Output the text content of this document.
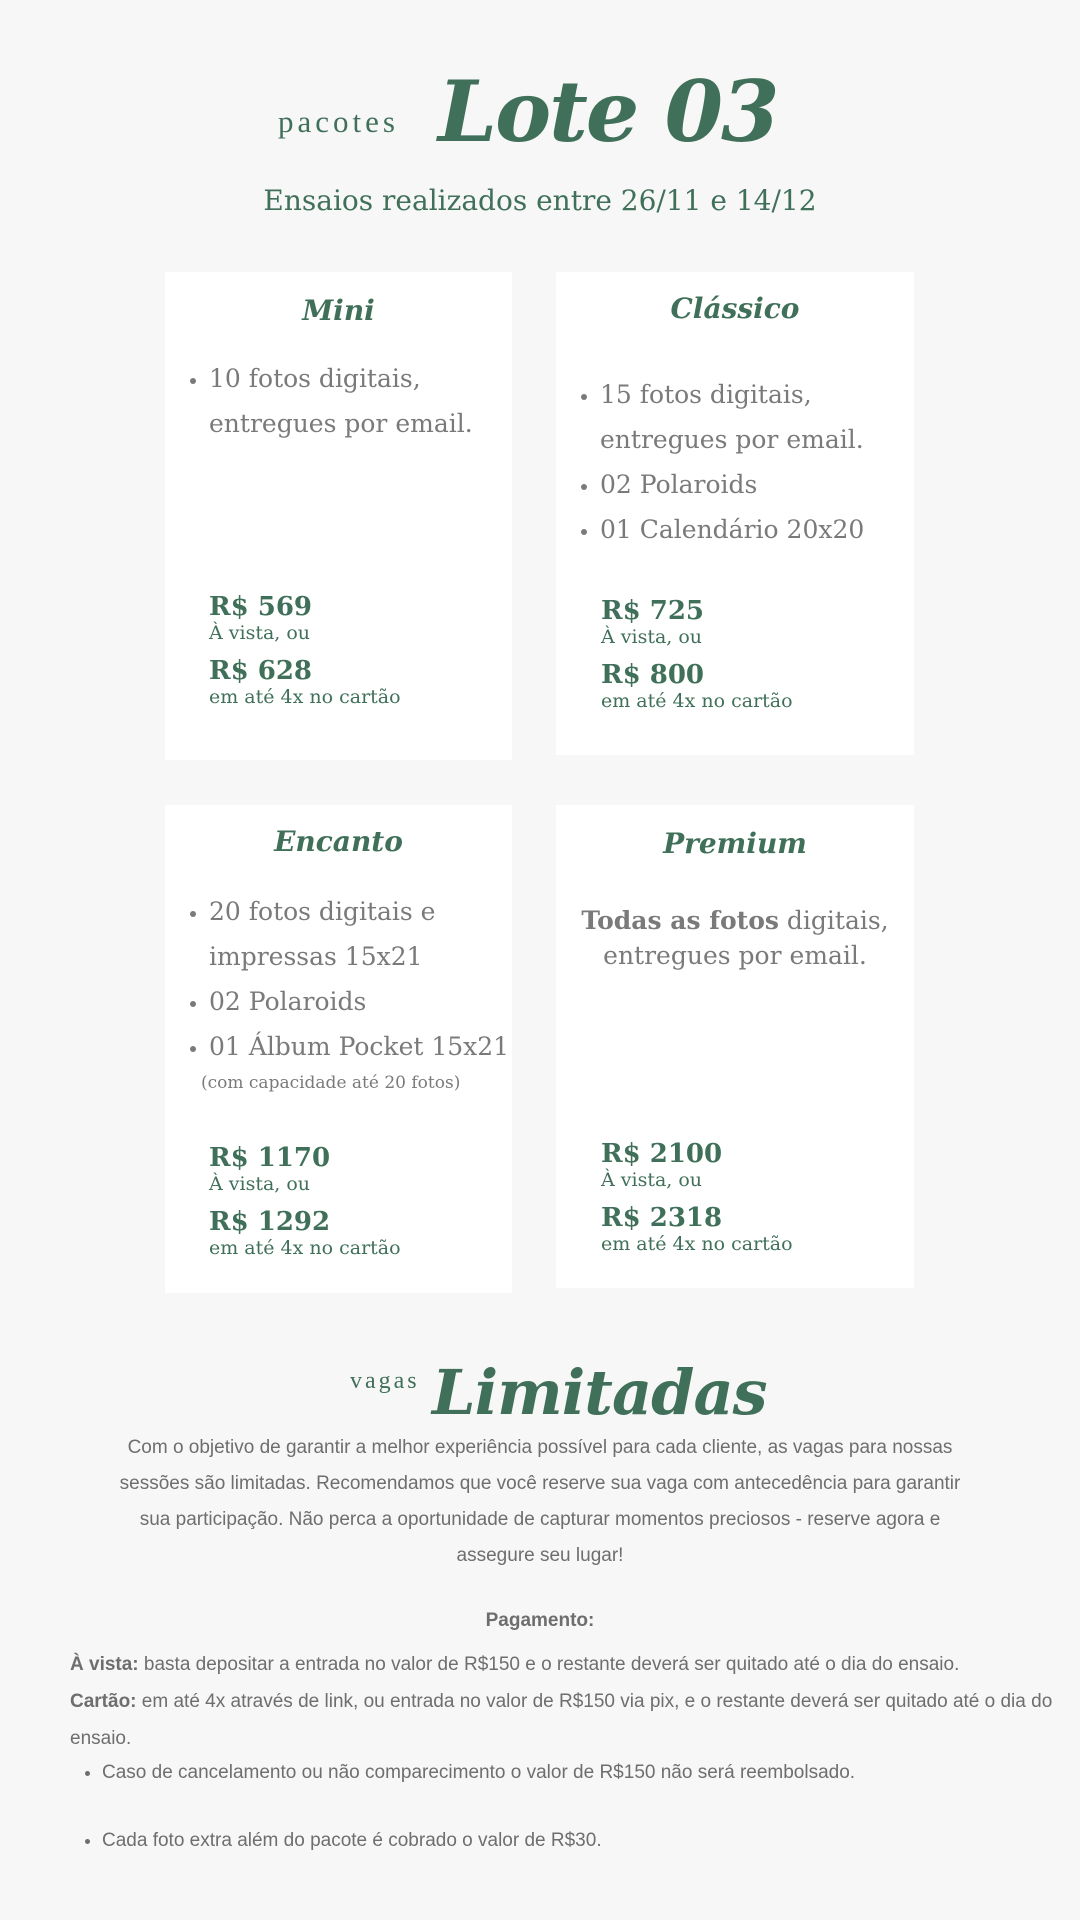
pacotes Lote 03
Ensaios realizados entre 26/11 e 14/12
Mini
• 10 fotos digitais, entregues por email.
R$ 569
À vista, ou
R$ 628
em até 4x no cartão
Clássico
• 15 fotos digitais, entregues por email.
• 02 Polaroids
• 01 Calendário 20x20
R$ 725
À vista, ou
R$ 800
em até 4x no cartão
Encanto
• 20 fotos digitais e impressas 15x21
• 02 Polaroids
• 01 Álbum Pocket 15x21
(com capacidade até 20 fotos)
R$ 1170
À vista, ou
R$ 1292
em até 4x no cartão
Premium
Todas as fotos digitais,
entregues por email.
R$ 2100
À vista, ou
R$ 2318
em até 4x no cartão
vagas Limitadas
Com o objetivo de garantir a melhor experiência possível para cada cliente, as vagas para nossas sessões são limitadas. Recomendamos que você reserve sua vaga com antecedência para garantir sua participação. Não perca a oportunidade de capturar momentos preciosos - reserve agora e assegure seu lugar!
Pagamento:
À vista: basta depositar a entrada no valor de R$150 e o restante deverá ser quitado até o dia do ensaio.
Cartão: em até 4x através de link, ou entrada no valor de R$150 via pix, e o restante deverá ser quitado até o dia do ensaio.
• Caso de cancelamento ou não comparecimento o valor de R$150 não será reembolsado.
• Cada foto extra além do pacote é cobrado o valor de R$30.
